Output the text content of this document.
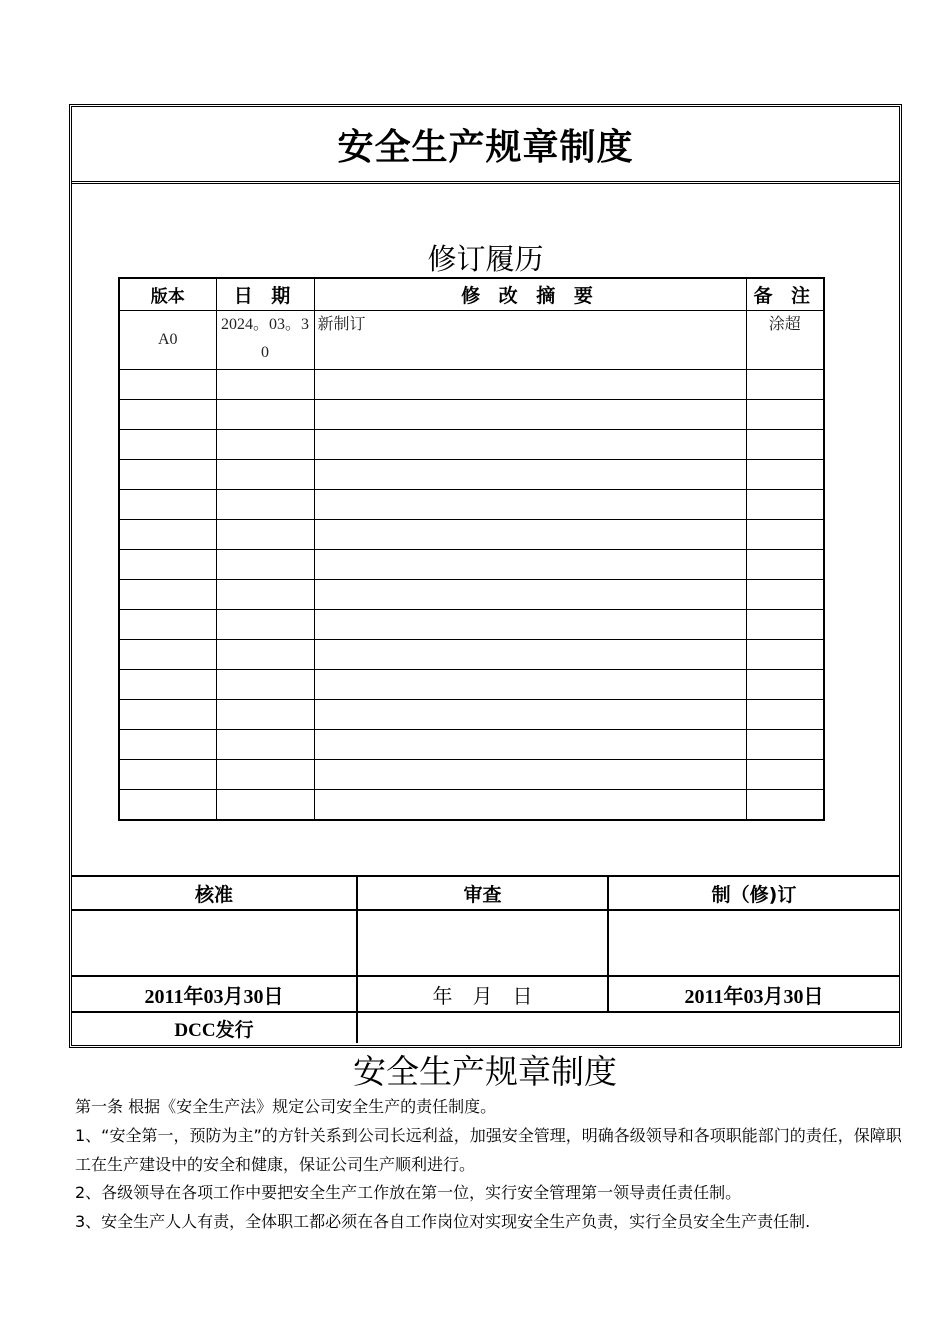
安全生产规章制度
修订履历
版本	日 期	修 改 摘 要	备 注
A0	2024。03。30	新制订	涂超

核准	审查	制（修)订

2011年03月30日	年    月    日	2011年03月30日
DCC发行		
安全生产规章制度
第一条 根据《安全生产法》规定公司安全生产的责任制度。
1、“安全第一，预防为主”的方针关系到公司长远利益，加强安全管理，明确各级领导和各项职能部门的责任，保障职工在生产建设中的安全和健康，保证公司生产顺利进行。
2、各级领导在各项工作中要把安全生产工作放在第一位，实行安全管理第一领导责任责任制。
3、安全生产人人有责，全体职工都必须在各自工作岗位对实现安全生产负责，实行全员安全生产责任制.
